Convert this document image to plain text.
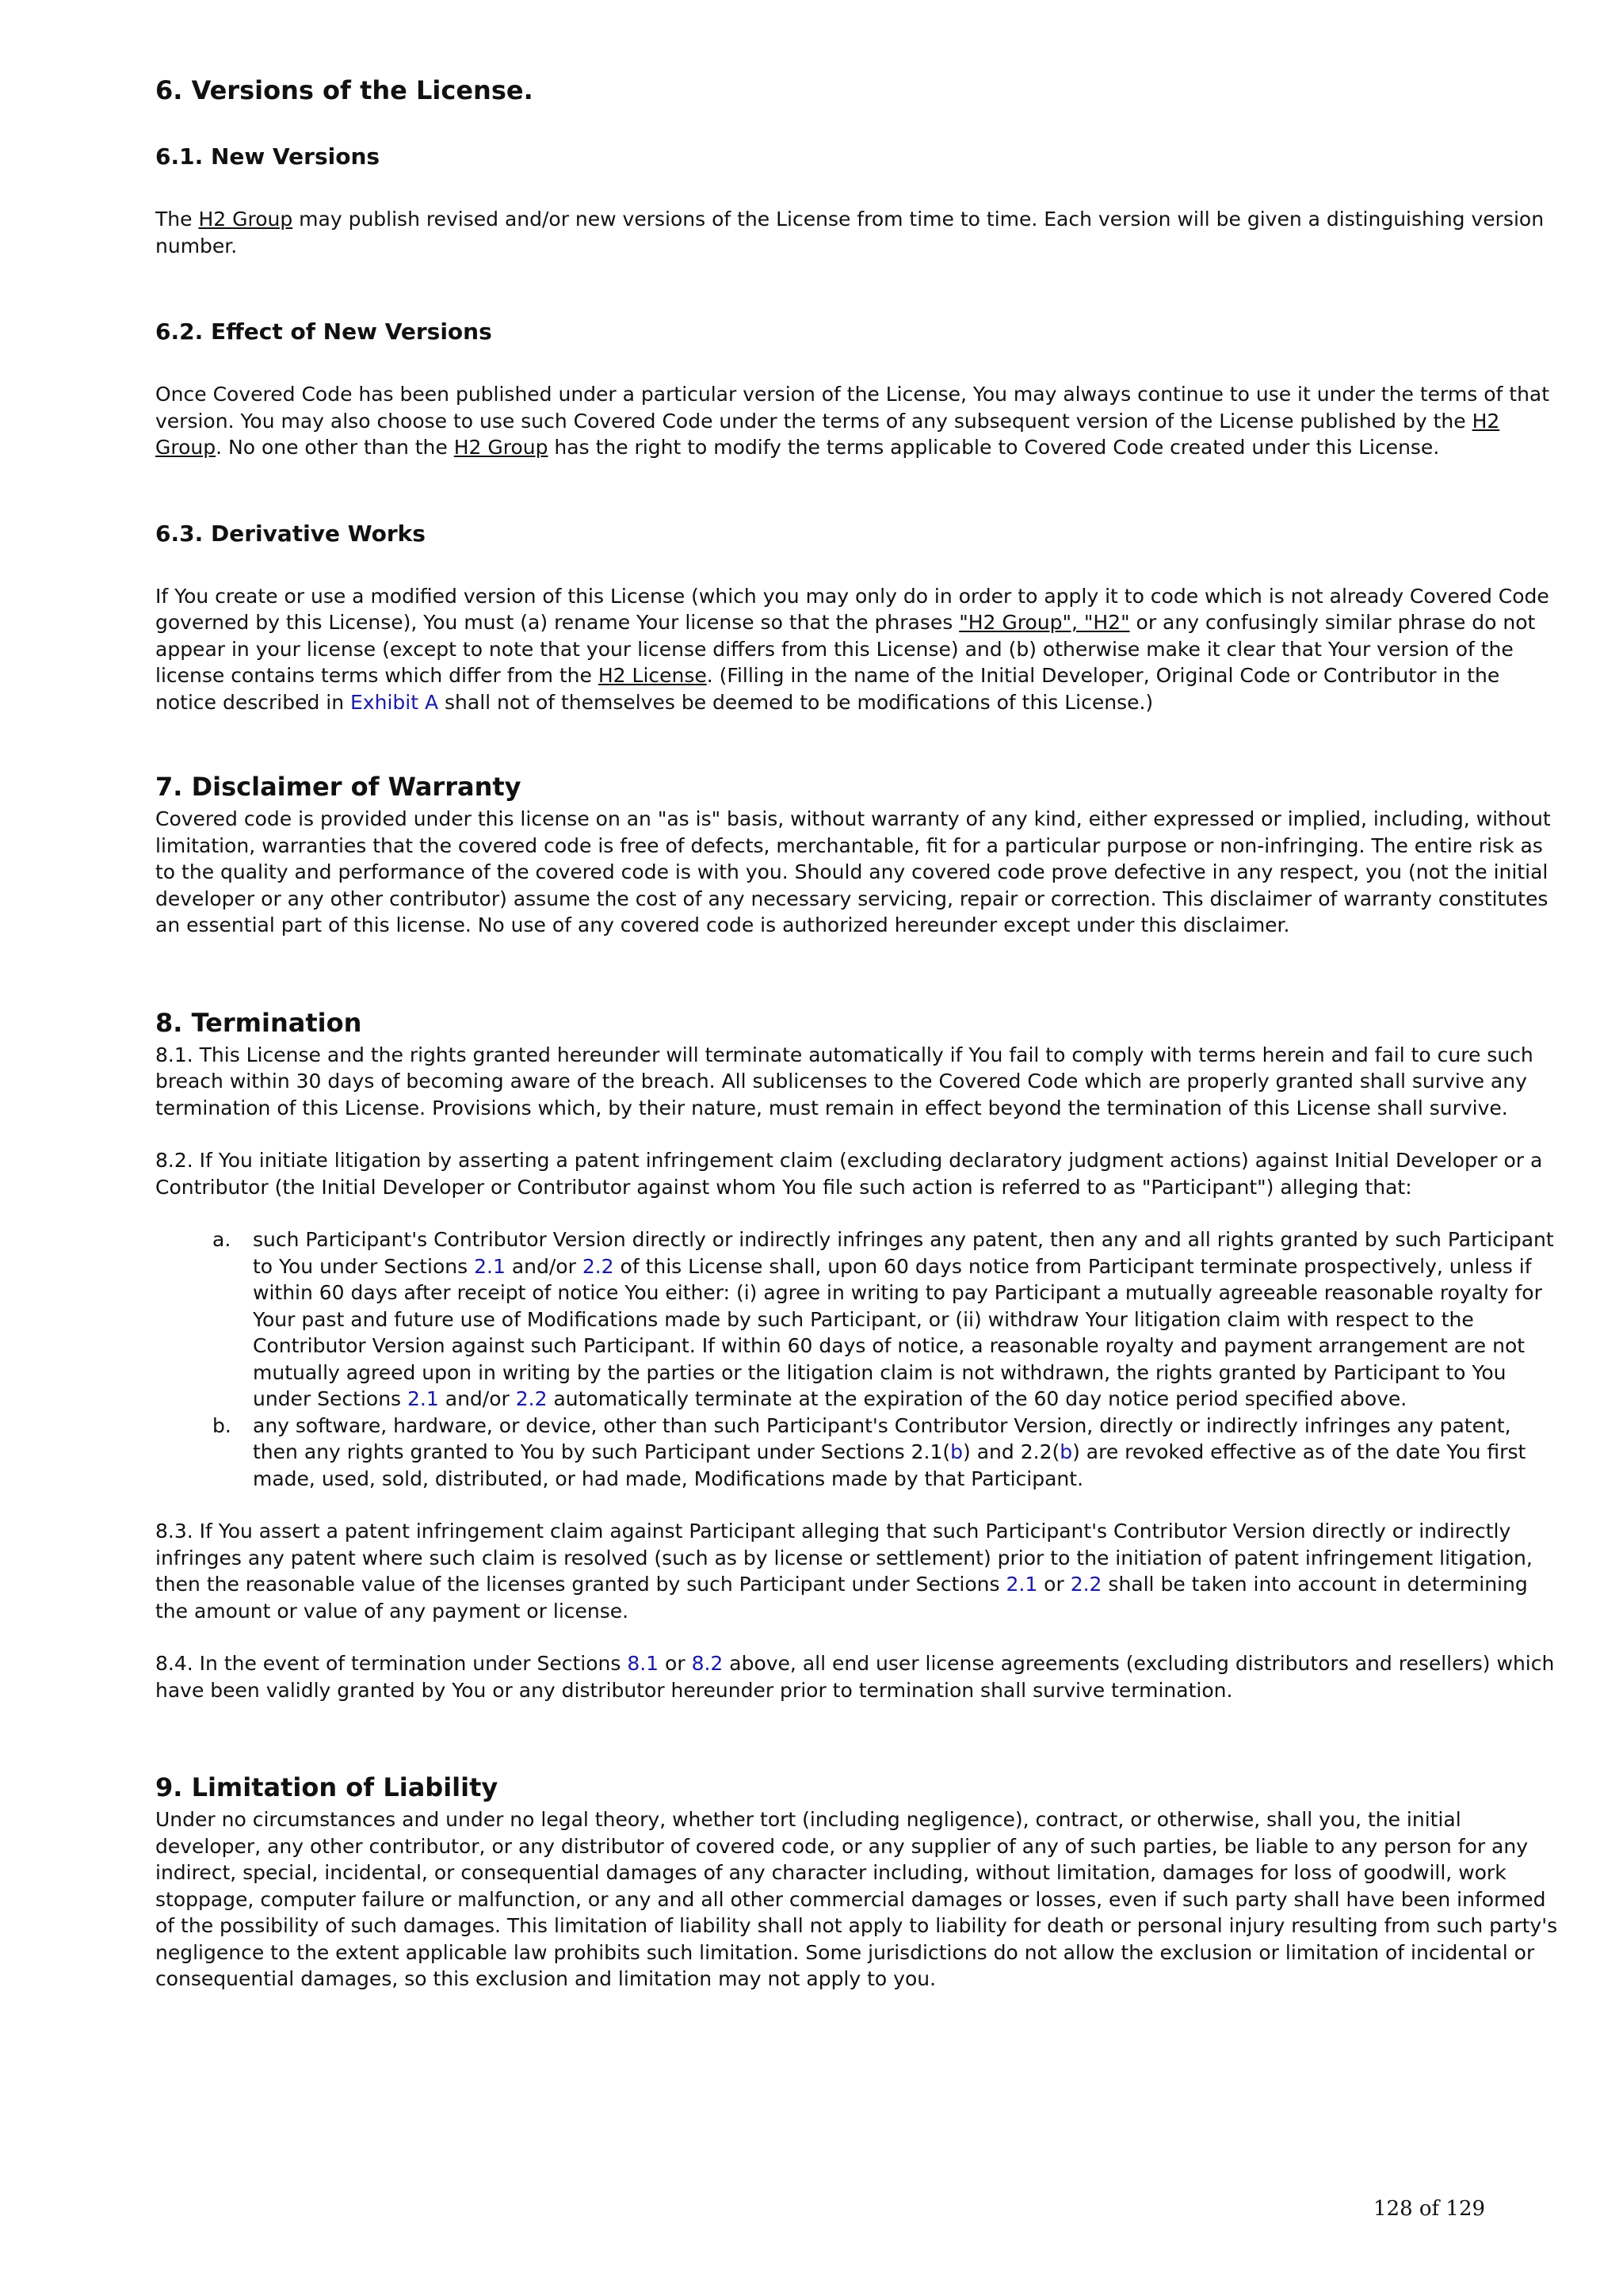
6. Versions of the License.
6.1. New Versions

The H2 Group may publish revised and/or new versions of the License from time to time. Each version will be given a distinguishing version number.

6.2. Effect of New Versions

Once Covered Code has been published under a particular version of the License, You may always continue to use it under the terms of that version. You may also choose to use such Covered Code under the terms of any subsequent version of the License published by the H2 Group. No one other than the H2 Group has the right to modify the terms applicable to Covered Code created under this License.

6.3. Derivative Works

If You create or use a modified version of this License (which you may only do in order to apply it to code which is not already Covered Code governed by this License), You must (a) rename Your license so that the phrases "H2 Group", "H2" or any confusingly similar phrase do not appear in your license (except to note that your license differs from this License) and (b) otherwise make it clear that Your version of the license contains terms which differ from the H2 License. (Filling in the name of the Initial Developer, Original Code or Contributor in the notice described in Exhibit A shall not of themselves be deemed to be modifications of this License.)

7. Disclaimer of Warranty

Covered code is provided under this license on an "as is" basis, without warranty of any kind, either expressed or implied, including, without limitation, warranties that the covered code is free of defects, merchantable, fit for a particular purpose or non-infringing. The entire risk as to the quality and performance of the covered code is with you. Should any covered code prove defective in any respect, you (not the initial developer or any other contributor) assume the cost of any necessary servicing, repair or correction. This disclaimer of warranty constitutes an essential part of this license. No use of any covered code is authorized hereunder except under this disclaimer.

8. Termination

8.1. This License and the rights granted hereunder will terminate automatically if You fail to comply with terms herein and fail to cure such breach within 30 days of becoming aware of the breach. All sublicenses to the Covered Code which are properly granted shall survive any termination of this License. Provisions which, by their nature, must remain in effect beyond the termination of this License shall survive.

8.2. If You initiate litigation by asserting a patent infringement claim (excluding declaratory judgment actions) against Initial Developer or a Contributor (the Initial Developer or Contributor against whom You file such action is referred to as "Participant") alleging that:

a. such Participant's Contributor Version directly or indirectly infringes any patent, then any and all rights granted by such Participant to You under Sections 2.1 and/or 2.2 of this License shall, upon 60 days notice from Participant terminate prospectively, unless if within 60 days after receipt of notice You either: (i) agree in writing to pay Participant a mutually agreeable reasonable royalty for Your past and future use of Modifications made by such Participant, or (ii) withdraw Your litigation claim with respect to the Contributor Version against such Participant. If within 60 days of notice, a reasonable royalty and payment arrangement are not mutually agreed upon in writing by the parties or the litigation claim is not withdrawn, the rights granted by Participant to You under Sections 2.1 and/or 2.2 automatically terminate at the expiration of the 60 day notice period specified above.
b. any software, hardware, or device, other than such Participant's Contributor Version, directly or indirectly infringes any patent, then any rights granted to You by such Participant under Sections 2.1(b) and 2.2(b) are revoked effective as of the date You first made, used, sold, distributed, or had made, Modifications made by that Participant.

8.3. If You assert a patent infringement claim against Participant alleging that such Participant's Contributor Version directly or indirectly infringes any patent where such claim is resolved (such as by license or settlement) prior to the initiation of patent infringement litigation, then the reasonable value of the licenses granted by such Participant under Sections 2.1 or 2.2 shall be taken into account in determining the amount or value of any payment or license.

8.4. In the event of termination under Sections 8.1 or 8.2 above, all end user license agreements (excluding distributors and resellers) which have been validly granted by You or any distributor hereunder prior to termination shall survive termination.

9. Limitation of Liability

Under no circumstances and under no legal theory, whether tort (including negligence), contract, or otherwise, shall you, the initial developer, any other contributor, or any distributor of covered code, or any supplier of any of such parties, be liable to any person for any indirect, special, incidental, or consequential damages of any character including, without limitation, damages for loss of goodwill, work stoppage, computer failure or malfunction, or any and all other commercial damages or losses, even if such party shall have been informed of the possibility of such damages. This limitation of liability shall not apply to liability for death or personal injury resulting from such party's negligence to the extent applicable law prohibits such limitation. Some jurisdictions do not allow the exclusion or limitation of incidental or consequential damages, so this exclusion and limitation may not apply to you.

128 of 129
